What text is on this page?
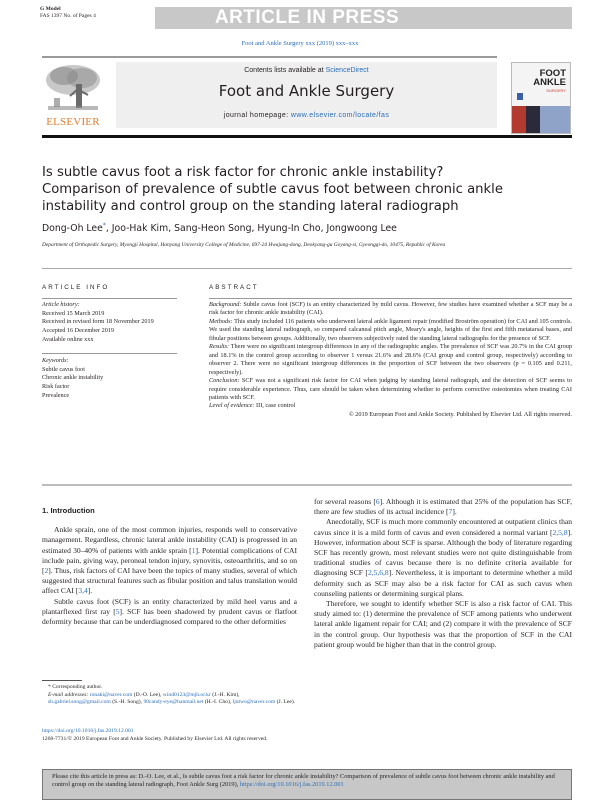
G Model
FAS 1397 No. of Pages 4	ARTICLE IN PRESS
Foot and Ankle Surgery xxx (2019) xxx–xxx
ELSEVIER
Contents lists available at ScienceDirect
Foot and Ankle Surgery
journal homepage: www.elsevier.com/locate/fas
FOOT
ANKLE
SURGERY
Is subtle cavus foot a risk factor for chronic ankle instability?
Comparison of prevalence of subtle cavus foot between chronic ankle
instability and control group on the standing lateral radiograph
Dong-Oh Lee*, Joo-Hak Kim, Sang-Heon Song, Hyung-In Cho, Jongwoong Lee
Department of Orthopedic Surgery, Myongji Hospital, Hanyang University College of Medicine, 697-24 Hwajung-dong, Deokyang-gu Goyang-si, Gyeonggi-do, 10475, Republic of Korea
ARTICLE INFO
Article history:
Received 15 March 2019
Received in revised form 18 November 2019
Accepted 16 December 2019
Available online xxx
Keywords:
Subtle cavus foot
Chronic ankle instability
Risk factor
Prevalence
ABSTRACT

Background: Subtle cavus foot (SCF) is an entity characterized by mild cavus. However, few studies have examined whether a SCF may be a risk factor for chronic ankle instability (CAI).

Methods: This study included 116 patients who underwent lateral ankle ligament repair (modified Broström operation) for CAI and 105 controls. We used the standing lateral radiograph, so compared calcaneal pitch angle, Meary's angle, heights of the first and fifth metatarsal bases, and fibular positions between groups. Additionally, two observers subjectively rated the standing lateral radiographs for the presence of SCF.

Results: There were no significant intergroup differences in any of the radiographic angles. The prevalence of SCF was 20.7% in the CAI group and 18.1% in the control group according to observer 1 versus 21.6% and 28.6% (CAI group and control group, respectively) according to observer 2. There were no significant intergroup differences in the proportion of SCF between the two observers (p = 0.105 and 0.211, respectively).

Conclusion: SCF was not a significant risk factor for CAI when judging by standing lateral radiograph, and the detection of SCF seems to require considerable experience. Thus, care should be taken when determining whether to perform corrective osteotomies when treating CAI patients with SCF.

Level of evidence: III, case control

© 2019 European Foot and Ankle Society. Published by Elsevier Ltd. All rights reserved.

1. Introduction

Ankle sprain, one of the most common injuries, responds well to conservative management. Regardless, chronic lateral ankle instability (CAI) is progressed in an estimated 30–40% of patients with ankle sprain [1]. Potential complications of CAI include pain, giving way, peroneal tendon injury, synovitis, osteoarthritis, and so on [2]. Thus, risk factors of CAI have been the topics of many studies, several of which suggested that structural features such as fibular position and talus translation would affect CAI [3,4].

Subtle cavus foot (SCF) is an entity characterized by mild heel varus and a plantarflexed first ray [5]. SCF has been shadowed by prudent cavus or flatfoot deformity because that can be underdiagnosed compared to the other deformities

for several reasons [6]. Although it is estimated that 25% of the population has SCF, there are few studies of its actual incidence [7].

Anecdotally, SCF is much more commonly encountered at outpatient clinics than cavus since it is a mild form of cavus and even considered a normal variant [2,5,8]. However, information about SCF is sparse. Although the body of literature regarding SCF has recently grown, most relevant studies were not quite distinguishable from traditional studies of cavus because there is no definite criteria available for diagnosing SCF [2,5,6,8]. Nevertheless, it is important to determine whether a mild deformity such as SCF may also be a risk factor for CAI as such cavus when counseling patients or determining surgical plans.

Therefore, we sought to identify whether SCF is also a risk factor of CAI. This study aimed to: (1) determine the prevalence of SCF among patients who underwent lateral ankle ligament repair for CAI; and (2) compare it with the prevalence of SCF in the control group. Our hypothesis was that the proportion of SCF in the CAI patient group would be higher than that in the control group.

* Corresponding author.
E-mail addresses: ronaki@naver.com (D.-O. Lee), wind0123@mjh.or.kr (J.-H. Kim), sh.gabriel.song@gmail.com (S.-H. Song), 90candy-eye@hanmail.net (H.-I. Cho), ljutwo@naver.com (J. Lee).
https://doi.org/10.1016/j.fas.2019.12.001
1268-7731/© 2019 European Foot and Ankle Society. Published by Elsevier Ltd. All rights reserved.
Please cite this article in press as: D.-O. Lee, et al., Is subtle cavus foot a risk factor for chronic ankle instability? Comparison of prevalence of subtle cavus foot between chronic ankle instability and control group on the standing lateral radiograph, Foot Ankle Surg (2019), https://doi.org/10.1016/j.fas.2019.12.001
